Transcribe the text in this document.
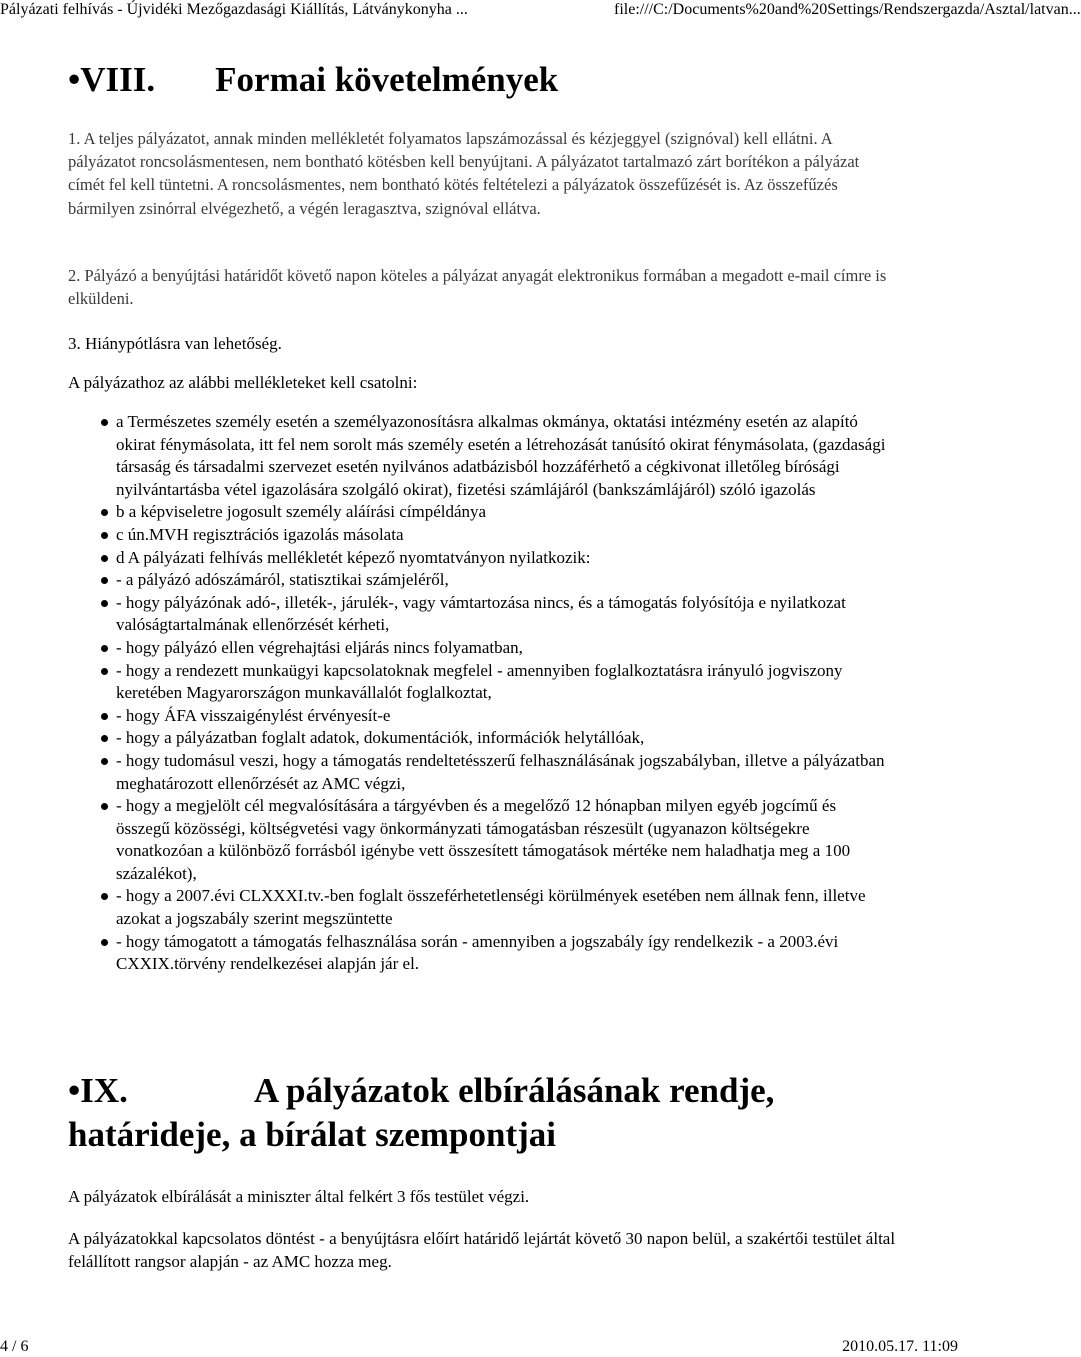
Pályázati felhívás - Újvidéki Mezőgazdasági Kiállítás, Látványkonyha ...	file:///C:/Documents%20and%20Settings/Rendszergazda/Asztal/latvan...
•VIII. Formai követelmények
1. A teljes pályázatot, annak minden mellékletét folyamatos lapszámozással és kézjeggyel (szignóval) kell ellátni. A pályázatot roncsolásmentesen, nem bontható kötésben kell benyújtani. A pályázatot tartalmazó zárt borítékon a pályázat címét fel kell tüntetni. A roncsolásmentes, nem bontható kötés feltételezi a pályázatok összefűzését is. Az összefűzés bármilyen zsinórral elvégezhető, a végén leragasztva, szignóval ellátva.
2. Pályázó a benyújtási határidőt követő napon köteles a pályázat anyagát elektronikus formában a megadott e-mail címre is elküldeni.
3. Hiánypótlásra van lehetőség.
A pályázathoz az alábbi mellékleteket kell csatolni:
a Természetes személy esetén a személyazonosításra alkalmas okmánya, oktatási intézmény esetén az alapító okirat fénymásolata, itt fel nem sorolt más személy esetén a létrehozását tanúsító okirat fénymásolata, (gazdasági társaság és társadalmi szervezet esetén nyilvános adatbázisból hozzáférhető a cégkivonat illetőleg bírósági nyilvántartásba vétel igazolására szolgáló okirat), fizetési számlájáról (bankszámlájáról) szóló igazolás
b a képviseletre jogosult személy aláírási címpéldánya
c ún.MVH regisztrációs igazolás másolata
d A pályázati felhívás mellékletét képező nyomtatványon nyilatkozik:
- a pályázó adószámáról, statisztikai számjeléről,
- hogy pályázónak adó-, illeték-, járulék-, vagy vámtartozása nincs, és a támogatás folyósítója e nyilatkozat valóságtartalmának ellenőrzését kérheti,
- hogy pályázó ellen végrehajtási eljárás nincs folyamatban,
- hogy a rendezett munkaügyi kapcsolatoknak megfelel - amennyiben foglalkoztatásra irányuló jogviszony keretében Magyarországon munkavállalót foglalkoztat,
- hogy ÁFA visszaigénylést érvényesít-e
- hogy a pályázatban foglalt adatok, dokumentációk, információk helytállóak,
- hogy tudomásul veszi, hogy a támogatás rendeltetésszerű felhasználásának jogszabályban, illetve a pályázatban meghatározott ellenőrzését az AMC végzi,
- hogy a megjelölt cél megvalósítására a tárgyévben és a megelőző 12 hónapban milyen egyéb jogcímű és összegű közösségi, költségvetési vagy önkormányzati támogatásban részesült (ugyanazon költségekre vonatkozóan a különböző forrásból igénybe vett összesített támogatások mértéke nem haladhatja meg a 100 százalékot),
- hogy a 2007.évi CLXXXI.tv.-ben foglalt összeférhetetlenségi körülmények esetében nem állnak fenn, illetve azokat a jogszabály szerint megszüntette
- hogy támogatott a támogatás felhasználása során - amennyiben a jogszabály így rendelkezik - a 2003.évi CXXIX.törvény rendelkezései alapján jár el.
•IX.	A pályázatok elbírálásának rendje,
határideje, a bírálat szempontjai
A pályázatok elbírálását a miniszter által felkért 3 fős testület végzi.
A pályázatokkal kapcsolatos döntést - a benyújtásra előírt határidő lejártát követő 30 napon belül, a szakértői testület által felállított rangsor alapján - az AMC hozza meg.
4 / 6	2010.05.17. 11:09
